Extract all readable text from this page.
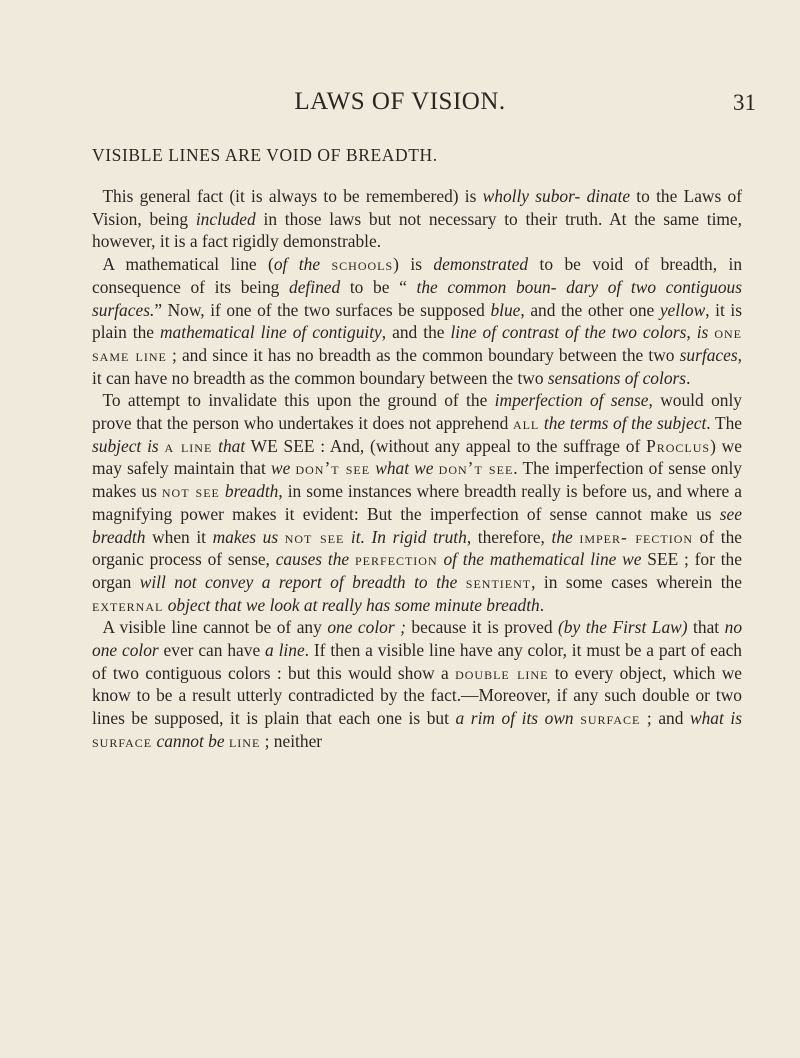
LAWS OF VISION.	31
VISIBLE LINES ARE VOID OF BREADTH.

This general fact (it is always to be remembered) is wholly subor- dinate to the Laws of Vision, being included in those laws but not necessary to their truth. At the same time, however, it is a fact rigidly demonstrable.

A mathematical line (of the schools) is demonstrated to be void of breadth, in consequence of its being defined to be “ the common boun- dary of two contiguous surfaces.” Now, if one of the two surfaces be supposed blue, and the other one yellow, it is plain the mathematical line of contiguity, and the line of contrast of the two colors, is one same line ; and since it has no breadth as the common boundary between the two surfaces, it can have no breadth as the common boundary between the two sensations of colors.

To attempt to invalidate this upon the ground of the imperfection of sense, would only prove that the person who undertakes it does not apprehend all the terms of the subject. The subject is a line that WE SEE : And, (without any appeal to the suffrage of Proclus) we may safely maintain that we don’t see what we don’t see. The imperfection of sense only makes us not see breadth, in some instances where breadth really is before us, and where a magnifying power makes it evident: But the imperfection of sense cannot make us see breadth when it makes us not see it. In rigid truth, therefore, the imper- fection of the organic process of sense, causes the perfection of the mathematical line we SEE ; for the organ will not convey a report of breadth to the sentient, in some cases wherein the external object that we look at really has some minute breadth.

A visible line cannot be of any one color ; because it is proved (by the First Law) that no one color ever can have a line. If then a visible line have any color, it must be a part of each of two contiguous colors : but this would show a double line to every object, which we know to be a result utterly contradicted by the fact.—Moreover, if any such double or two lines be supposed, it is plain that each one is but a rim of its own surface ; and what is surface cannot be line ; neither
